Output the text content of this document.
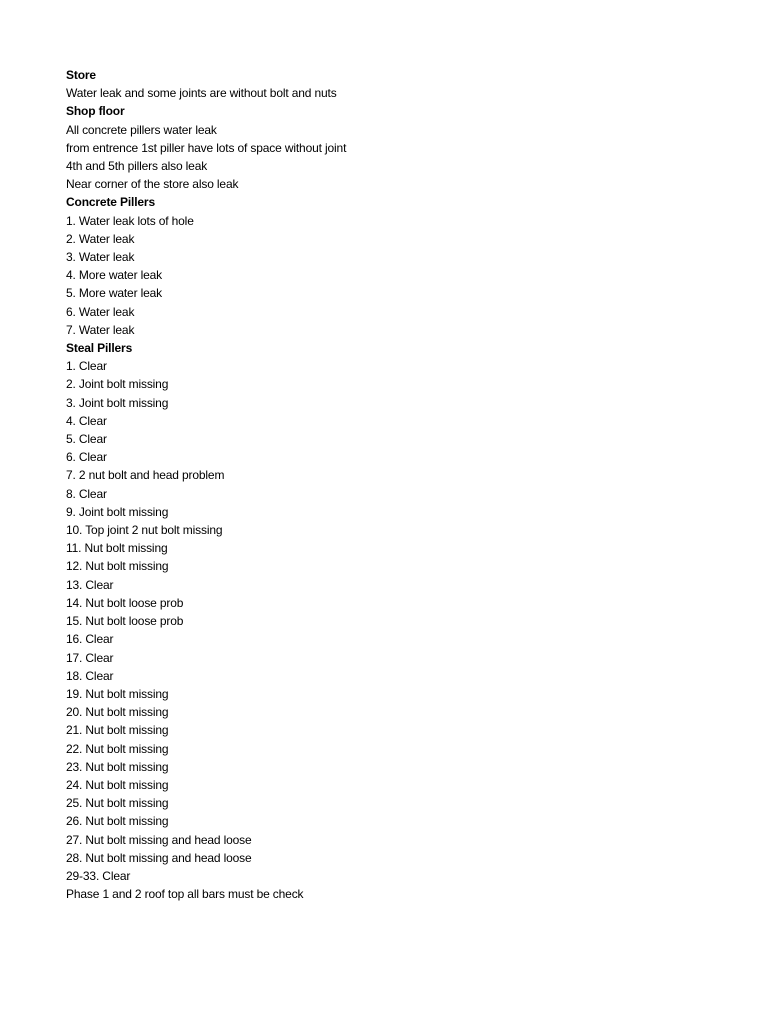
Store
Water leak and some joints are without bolt and nuts
Shop floor
All concrete pillers water leak
from entrence 1st piller have lots of space without joint
4th and 5th pillers also leak
Near corner of the store also leak
Concrete Pillers
1. Water leak lots of hole
2. Water leak
3. Water leak
4. More water leak
5. More water leak
6. Water leak
7. Water leak
Steal Pillers
1. Clear
2. Joint bolt missing
3. Joint bolt missing
4. Clear
5. Clear
6. Clear
7. 2 nut bolt and head problem
8. Clear
9. Joint bolt missing
10. Top joint 2 nut bolt missing
11. Nut bolt missing
12. Nut bolt missing
13. Clear
14. Nut bolt loose prob
15. Nut bolt loose prob
16. Clear
17. Clear
18. Clear
19. Nut bolt missing
20. Nut bolt missing
21. Nut bolt missing
22. Nut bolt missing
23. Nut bolt missing
24. Nut bolt missing
25. Nut bolt missing
26. Nut bolt missing
27. Nut bolt missing and head loose
28. Nut bolt missing and head loose
29-33. Clear
Phase 1 and 2 roof top all bars must be check
